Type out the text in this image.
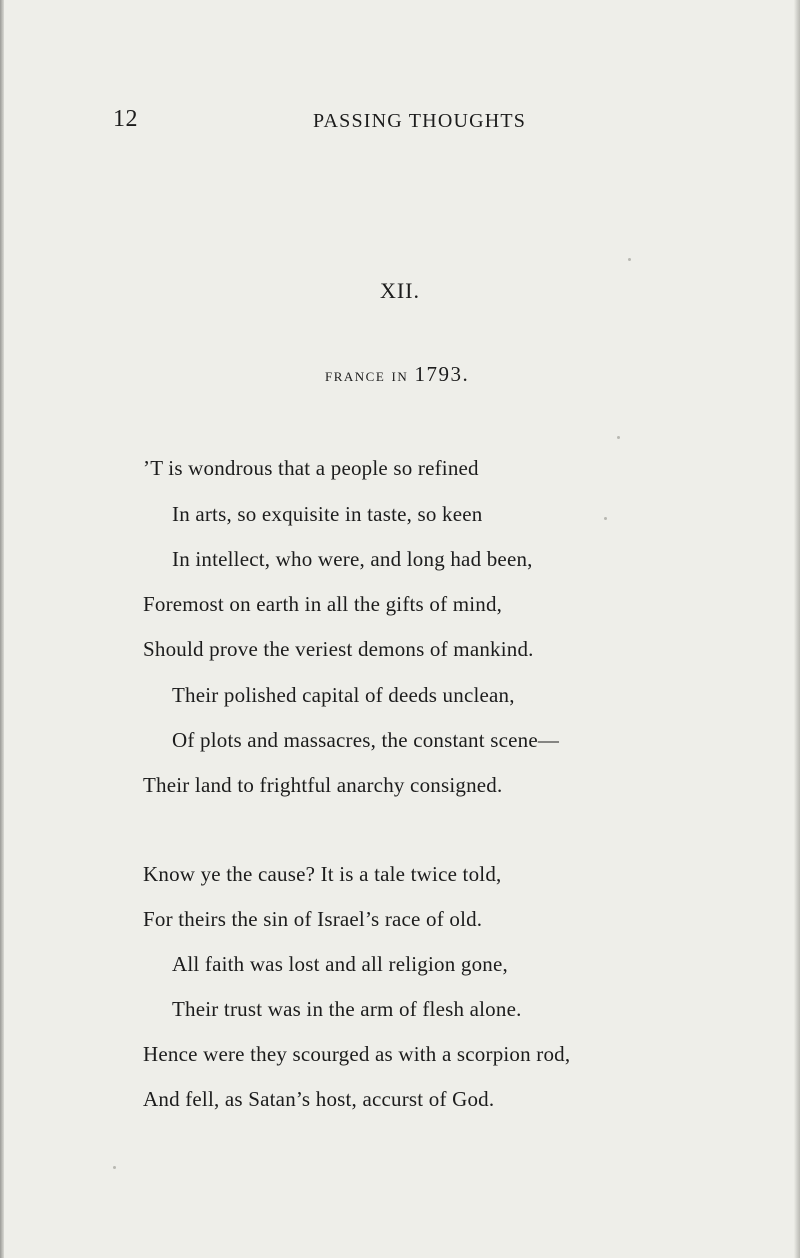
12	PASSING THOUGHTS
XII.
france in 1793.
’T is wondrous that a people so refined
In arts, so exquisite in taste, so keen
In intellect, who were, and long had been,
Foremost on earth in all the gifts of mind,
Should prove the veriest demons of mankind.
Their polished capital of deeds unclean,
Of plots and massacres, the constant scene—
Their land to frightful anarchy consigned.
Know ye the cause? It is a tale twice told,
For theirs the sin of Israel’s race of old.
All faith was lost and all religion gone,
Their trust was in the arm of flesh alone.
Hence were they scourged as with a scorpion rod,
And fell, as Satan’s host, accurst of God.
